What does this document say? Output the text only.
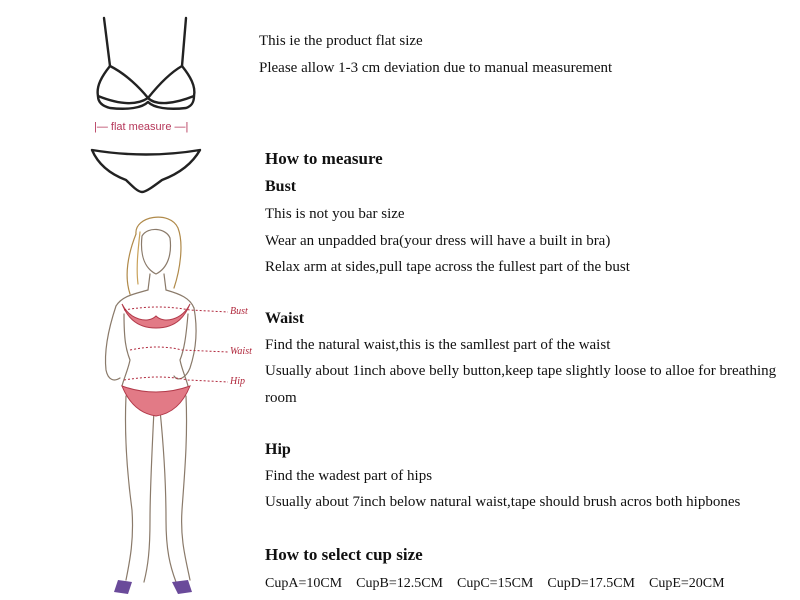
|— flat measure —|
Bust
Waist
Hip
This ie the product flat size
Please allow 1-3 cm deviation due to manual measurement
How to measure
Bust
This is not you bar size
Wear an unpadded bra(your dress will have a built in bra)
Relax arm at sides,pull tape across the fullest part of the bust
Waist
Find the natural waist,this is the samllest part of the waist
Usually about 1inch above belly button,keep tape slightly loose to alloe for breathing
room
Hip
Find the wadest part of hips
Usually about 7inch below natural waist,tape should brush acros both hipbones
How to select cup size
CupA=10CM CupB=12.5CM CupC=15CM CupD=17.5CM CupE=20CM
